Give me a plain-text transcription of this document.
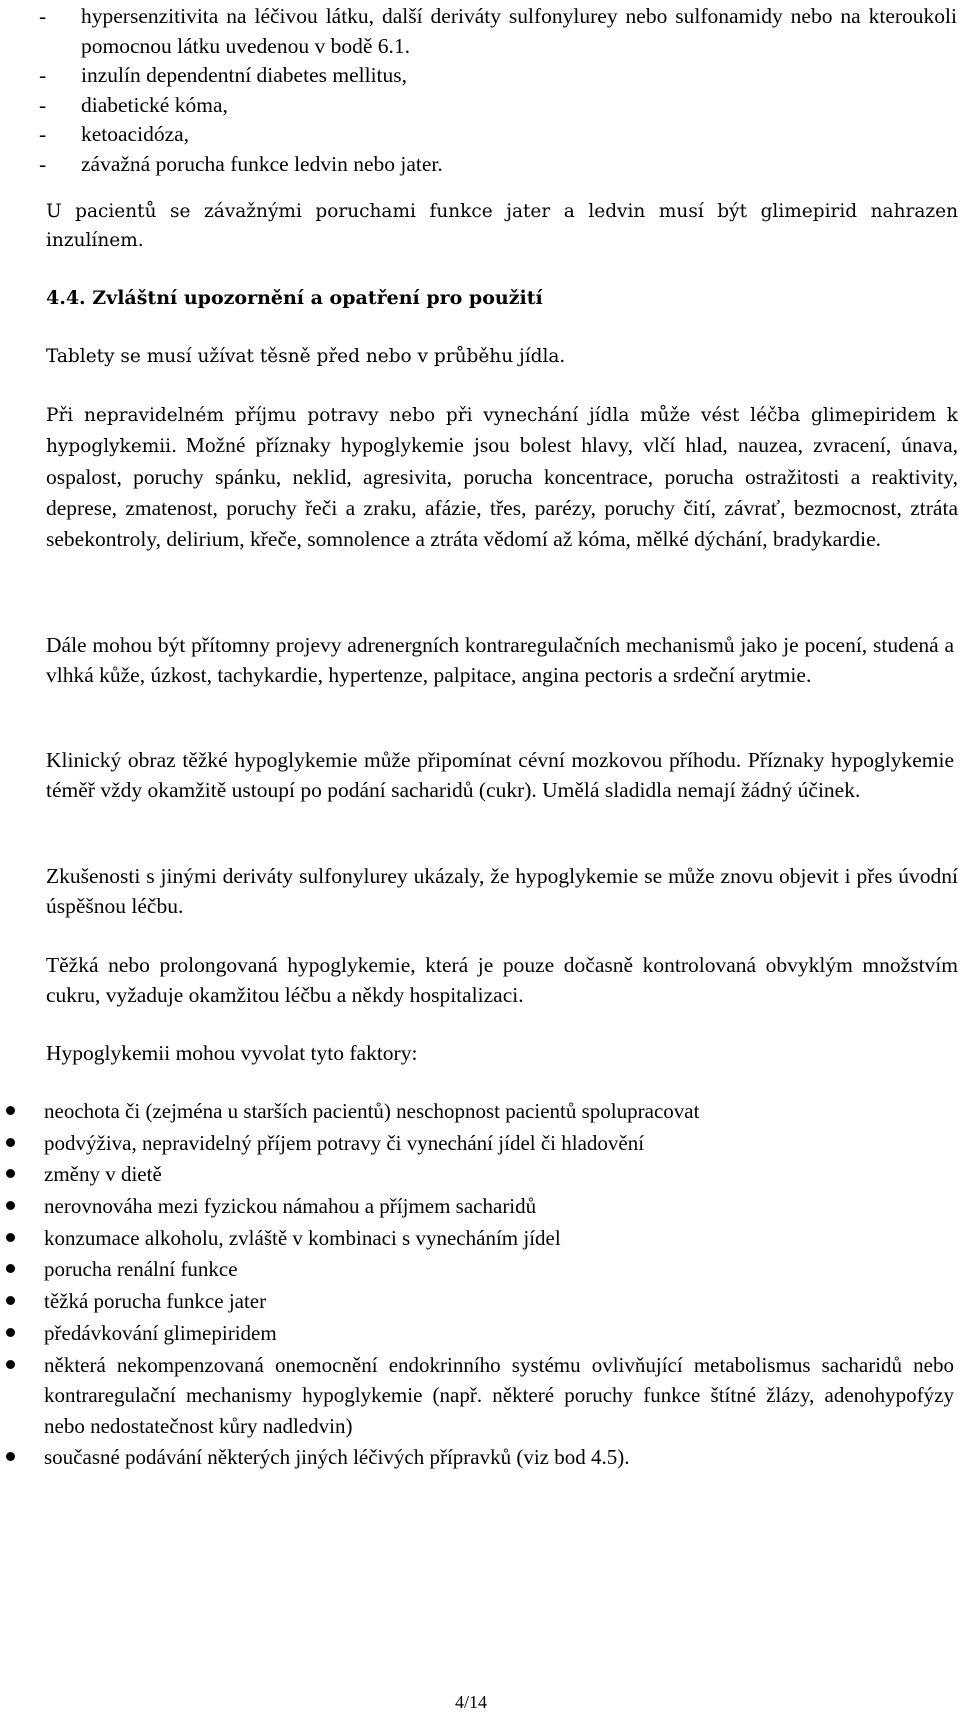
- hypersenzitivita na léčivou látku, další deriváty sulfonylurey nebo sulfonamidy nebo na kteroukoli pomocnou látku uvedenou v bodě 6.1.
- inzulín dependentní diabetes mellitus,
- diabetické kóma,
- ketoacidóza,
- závažná porucha funkce ledvin nebo jater.

U pacientů se závažnými poruchami funkce jater a ledvin musí být glimepirid nahrazen inzulínem.

4.4. Zvláštní upozornění a opatření pro použití

Tablety se musí užívat těsně před nebo v průběhu jídla.

Při nepravidelném příjmu potravy nebo při vynechání jídla může vést léčba glimepiridem k hypoglykemii. Možné příznaky hypoglykemie jsou bolest hlavy, vlčí hlad, nauzea, zvracení, únava, ospalost, poruchy spánku, neklid, agresivita, porucha koncentrace, porucha ostražitosti a reaktivity, deprese, zmatenost, poruchy řeči a zraku, afázie, třes, parézy, poruchy čití, závrať, bezmocnost, ztráta sebekontroly, delirium, křeče, somnolence a ztráta vědomí až kóma, mělké dýchání, bradykardie.

Dále mohou být přítomny projevy adrenergních kontraregulačních mechanismů jako je pocení, studená a vlhká kůže, úzkost, tachykardie, hypertenze, palpitace, angina pectoris a srdeční arytmie.

Klinický obraz těžké hypoglykemie může připomínat cévní mozkovou příhodu. Příznaky hypoglykemie téměř vždy okamžitě ustoupí po podání sacharidů (cukr). Umělá sladidla nemají žádný účinek.

Zkušenosti s jinými deriváty sulfonylurey ukázaly, že hypoglykemie se může znovu objevit i přes úvodní úspěšnou léčbu.

Těžká nebo prolongovaná hypoglykemie, která je pouze dočasně kontrolovaná obvyklým množstvím cukru, vyžaduje okamžitou léčbu a někdy hospitalizaci.

Hypoglykemii mohou vyvolat tyto faktory:

neochota či (zejména u starších pacientů) neschopnost pacientů spolupracovat
podvýživa, nepravidelný příjem potravy či vynechání jídel či hladovění
změny v dietě
nerovnováha mezi fyzickou námahou a příjmem sacharidů
konzumace alkoholu, zvláště v kombinaci s vynecháním jídel
porucha renální funkce
těžká porucha funkce jater
předávkování glimepiridem
některá nekompenzovaná onemocnění endokrinního systému ovlivňující metabolismus sacharidů nebo kontraregulační mechanismy hypoglykemie (např. některé poruchy funkce štítné žlázy, adenohypofýzy nebo nedostatečnost kůry nadledvin)
současné podávání některých jiných léčivých přípravků (viz bod 4.5).
4/14
